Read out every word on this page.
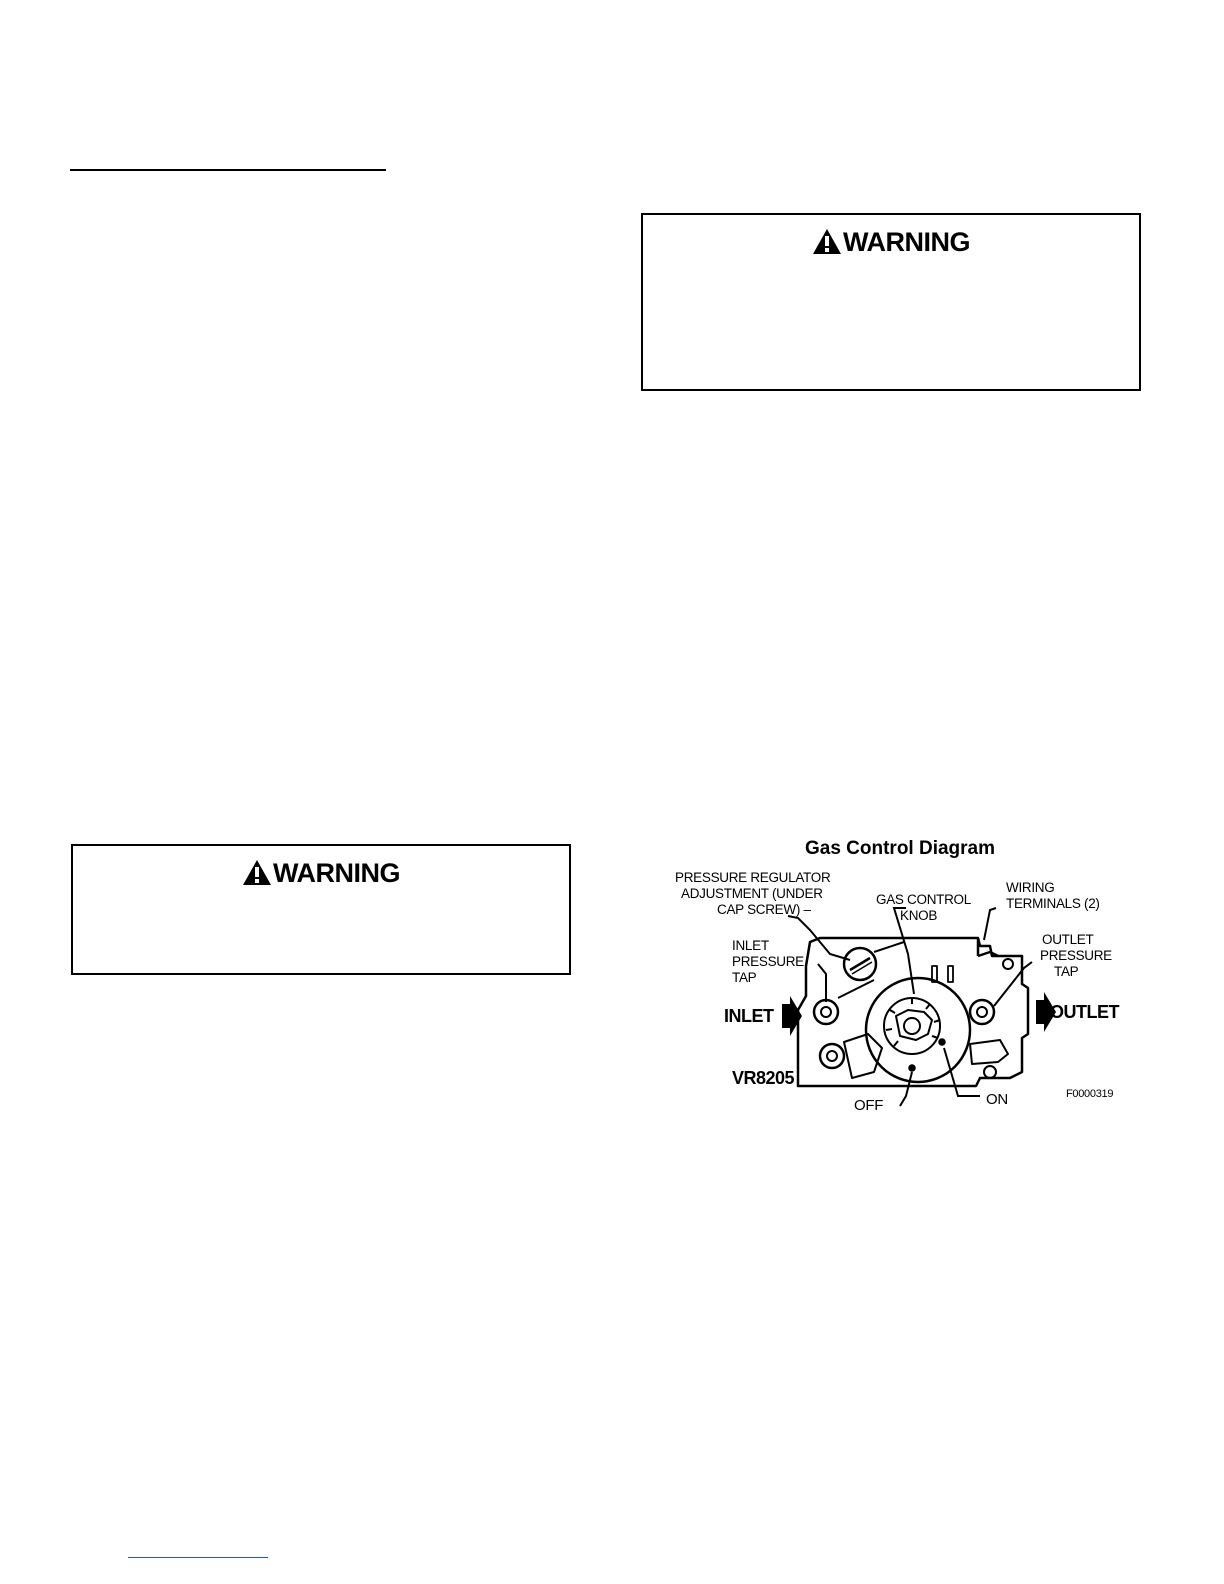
WARNING
WARNING
Gas Control Diagram
PRESSURE REGULATOR
ADJUSTMENT (UNDER
CAP SCREW) –
GAS CONTROL
KNOB
WIRING
TERMINALS (2)
INLET
PRESSURE
TAP
OUTLET
PRESSURE
TAP
INLET	OUTLET
VR8205
OFF	ON	F0000319
